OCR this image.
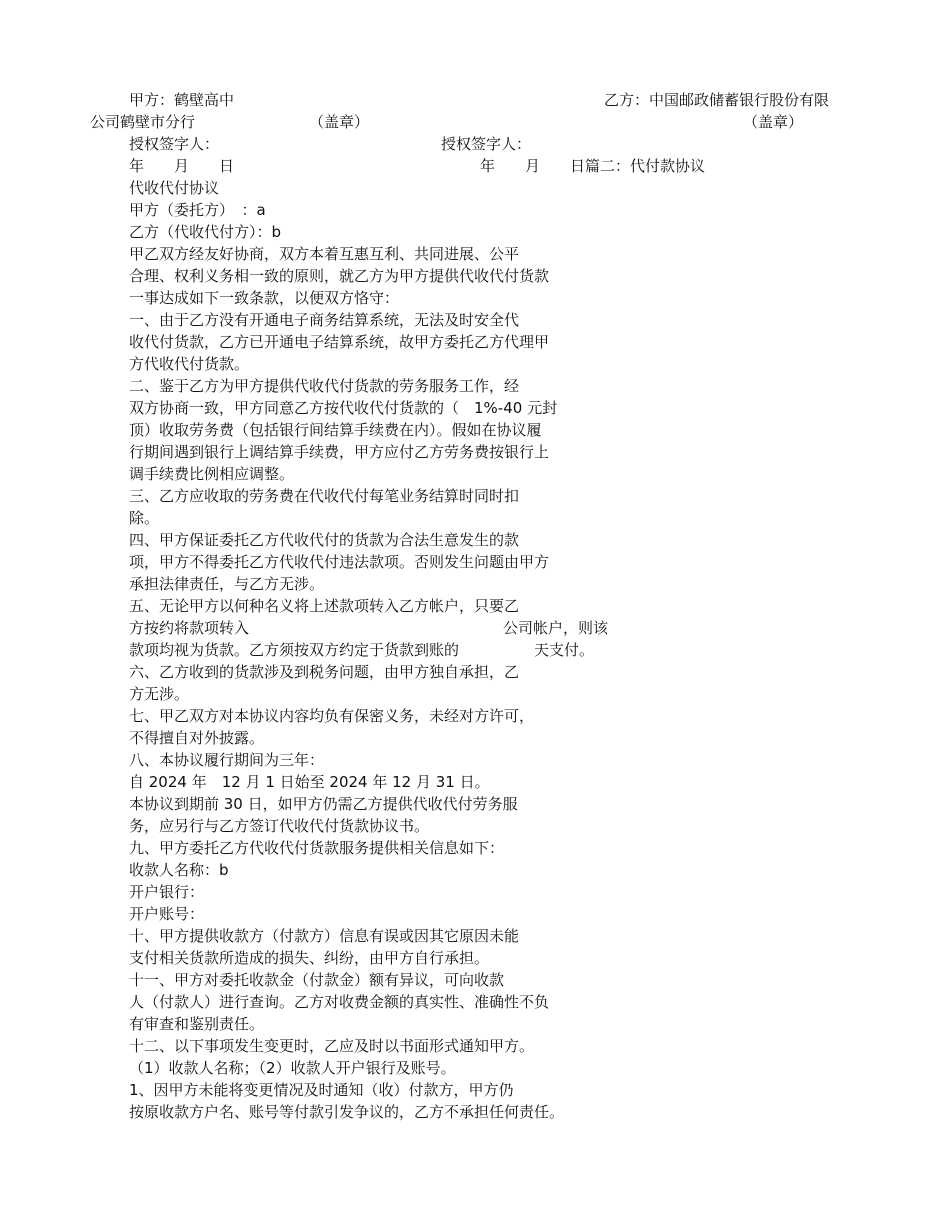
甲方：鹤壁高中	乙方：中国邮政储蓄银行股份有限
公司鹤壁市分行	（盖章）	（盖章）
授权签字人：	授权签字人：
年　　月　　日	年　　月　　日篇二：代付款协议
代收代付协议
甲方（委托方）　：a
乙方（代收代付方）：b
甲乙双方经友好协商，双方本着互惠互利、共同进展、公平
合理、权利义务相一致的原则，就乙方为甲方提供代收代付货款
一事达成如下一致条款，以便双方恪守：
一、由于乙方没有开通电子商务结算系统，无法及时安全代
收代付货款，乙方已开通电子结算系统，故甲方委托乙方代理甲
方代收代付货款。
二、鉴于乙方为甲方提供代收代付货款的劳务服务工作，经
双方协商一致，甲方同意乙方按代收代付货款的（　1%-40 元封
顶）收取劳务费（包括银行间结算手续费在内）。假如在协议履
行期间遇到银行上调结算手续费，甲方应付乙方劳务费按银行上
调手续费比例相应调整。
三、乙方应收取的劳务费在代收代付每笔业务结算时同时扣
除。
四、甲方保证委托乙方代收代付的货款为合法生意发生的款
项，甲方不得委托乙方代收代付违法款项。否则发生问题由甲方
承担法律责任，与乙方无涉。
五、无论甲方以何种名义将上述款项转入乙方帐户，只要乙
方按约将款项转入	公司帐户，则该
款项均视为货款。乙方须按双方约定于货款到账的	天支付。
六、乙方收到的货款涉及到税务问题，由甲方独自承担，乙
方无涉。
七、甲乙双方对本协议内容均负有保密义务，未经对方许可，
不得擅自对外披露。
八、本协议履行期间为三年：
自 2024 年　12 月 1 日始至 2024 年 12 月 31 日。
本协议到期前 30 日，如甲方仍需乙方提供代收代付劳务服
务，应另行与乙方签订代收代付货款协议书。
九、甲方委托乙方代收代付货款服务提供相关信息如下：
收款人名称：b
开户银行：
开户账号：
十、甲方提供收款方（付款方）信息有误或因其它原因未能
支付相关货款所造成的损失、纠纷，由甲方自行承担。
十一、甲方对委托收款金（付款金）额有异议，可向收款
人（付款人）进行查询。乙方对收费金额的真实性、准确性不负
有审查和鉴别责任。
十二、以下事项发生变更时，乙应及时以书面形式通知甲方。
（1）收款人名称；（2）收款人开户银行及账号。
1、因甲方未能将变更情况及时通知（收）付款方，甲方仍
按原收款方户名、账号等付款引发争议的，乙方不承担任何责任。
